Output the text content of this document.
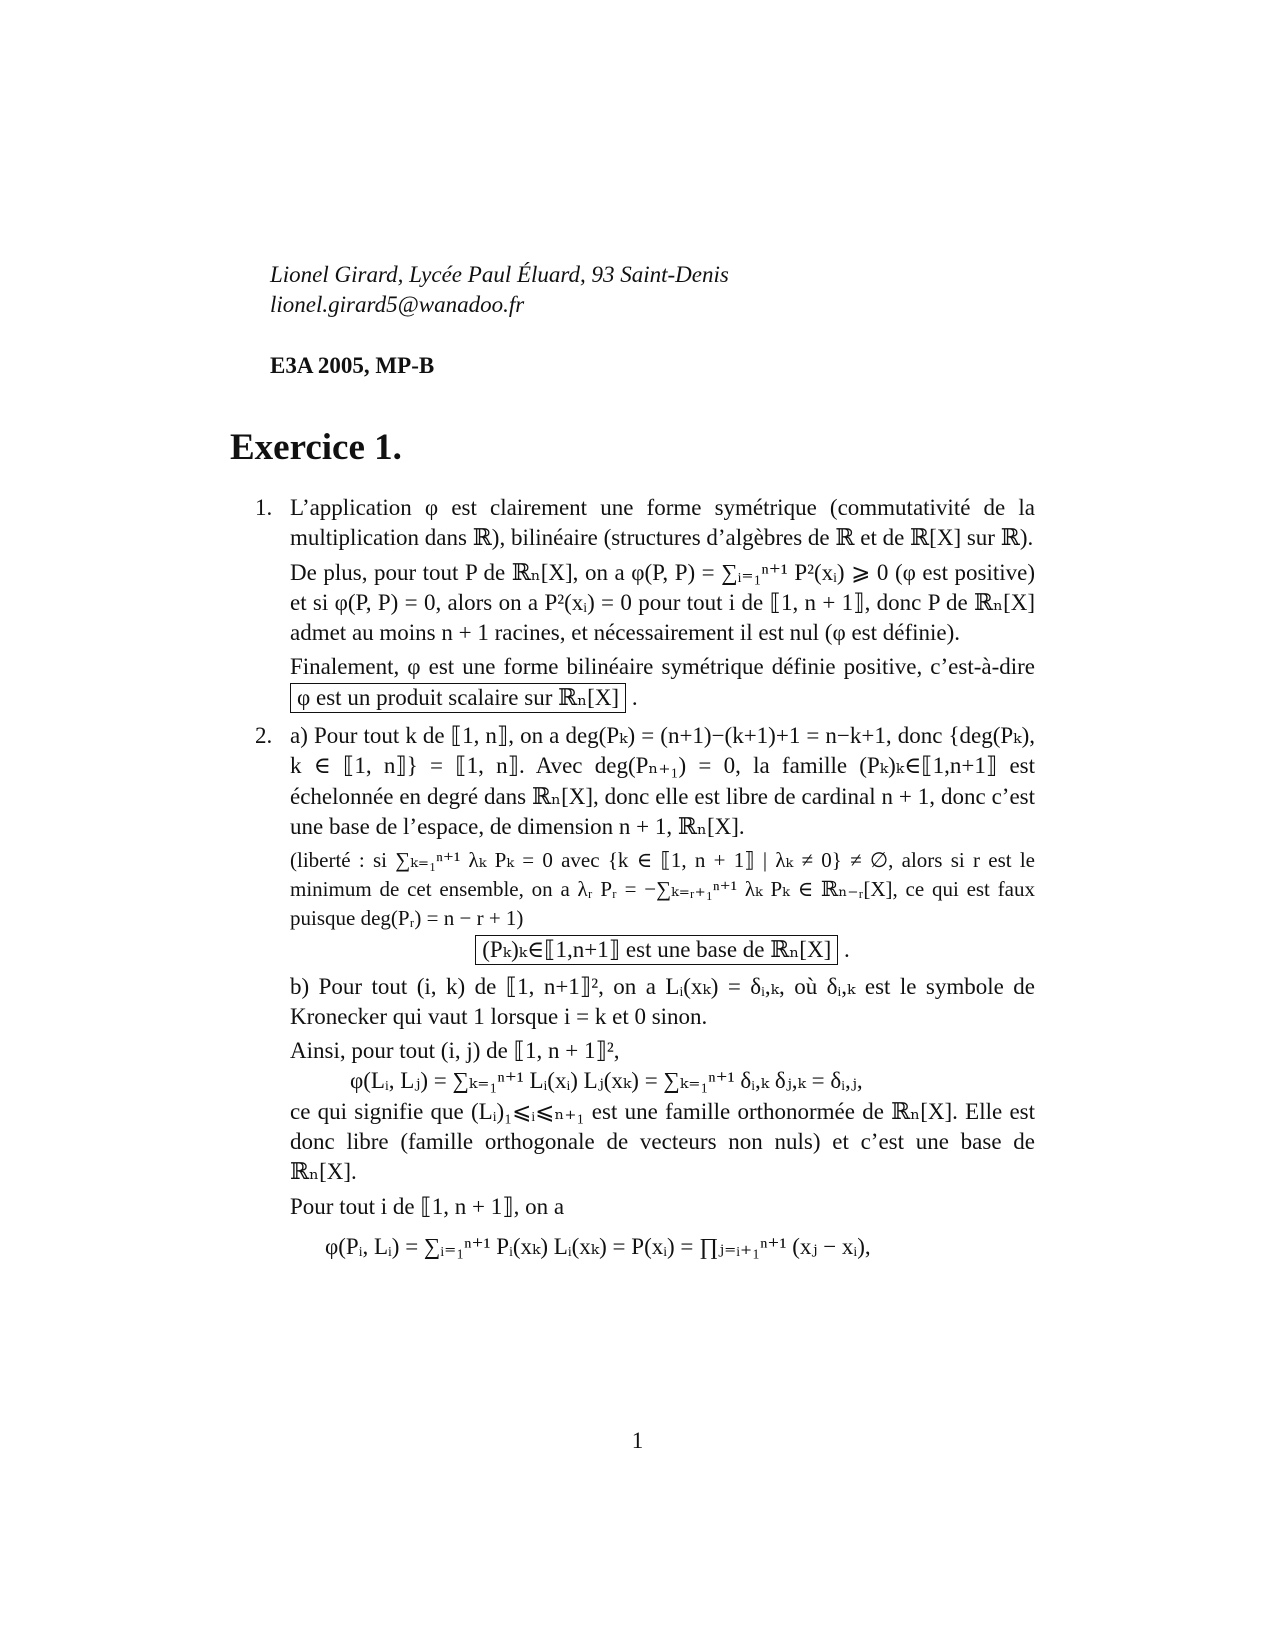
Lionel Girard, Lycée Paul Éluard, 93 Saint-Denis
lionel.girard5@wanadoo.fr
E3A 2005, MP-B
Exercice 1.
1. L’application φ est clairement une forme symétrique (commutativité de la multiplication dans ℝ), bilinéaire (structures d’algèbres de ℝ et de ℝ[X] sur ℝ).

De plus, pour tout P de ℝₙ[X], on a φ(P, P) = ∑ᵢ₌₁ⁿ⁺¹ P²(xᵢ) ⩾ 0 (φ est positive) et si φ(P, P) = 0, alors on a P²(xᵢ) = 0 pour tout i de ⟦1, n + 1⟧, donc P de ℝₙ[X] admet au moins n + 1 racines, et nécessairement il est nul (φ est définie).

Finalement, φ est une forme bilinéaire symétrique définie positive, c’est-à-dire φ est un produit scalaire sur ℝₙ[X] .

2. a) Pour tout k de ⟦1, n⟧, on a deg(Pₖ) = (n+1)−(k+1)+1 = n−k+1, donc {deg(Pₖ), k ∈ ⟦1, n⟧} = ⟦1, n⟧. Avec deg(Pₙ₊₁) = 0, la famille (Pₖ)ₖ∈⟦1,n+1⟧ est échelonnée en degré dans ℝₙ[X], donc elle est libre de cardinal n + 1, donc c’est une base de l’espace, de dimension n + 1, ℝₙ[X].

(liberté : si ∑ₖ₌₁ⁿ⁺¹ λₖ Pₖ = 0 avec {k ∈ ⟦1, n + 1⟧ | λₖ ≠ 0} ≠ ∅, alors si r est le minimum de cet ensemble, on a λᵣ Pᵣ = −∑ₖ₌ᵣ₊₁ⁿ⁺¹ λₖ Pₖ ∈ ℝₙ₋ᵣ[X], ce qui est faux puisque deg(Pᵣ) = n − r + 1)

(Pₖ)ₖ∈⟦1,n+1⟧ est une base de ℝₙ[X] .

b) Pour tout (i, k) de ⟦1, n+1⟧², on a Lᵢ(xₖ) = δᵢ,ₖ, où δᵢ,ₖ est le symbole de Kronecker qui vaut 1 lorsque i = k et 0 sinon.

Ainsi, pour tout (i, j) de ⟦1, n + 1⟧²,

φ(Lᵢ, Lⱼ) = ∑ₖ₌₁ⁿ⁺¹ Lᵢ(xᵢ) Lⱼ(xₖ) = ∑ₖ₌₁ⁿ⁺¹ δᵢ,ₖ δⱼ,ₖ = δᵢ,ⱼ,

ce qui signifie que (Lᵢ)₁⩽ᵢ⩽ₙ₊₁ est une famille orthonormée de ℝₙ[X]. Elle est donc libre (famille orthogonale de vecteurs non nuls) et c’est une base de ℝₙ[X].

Pour tout i de ⟦1, n + 1⟧, on a

φ(Pᵢ, Lᵢ) = ∑ᵢ₌₁ⁿ⁺¹ Pᵢ(xₖ) Lᵢ(xₖ) = P(xᵢ) = ∏ⱼ₌ᵢ₊₁ⁿ⁺¹ (xⱼ − xᵢ),

1
